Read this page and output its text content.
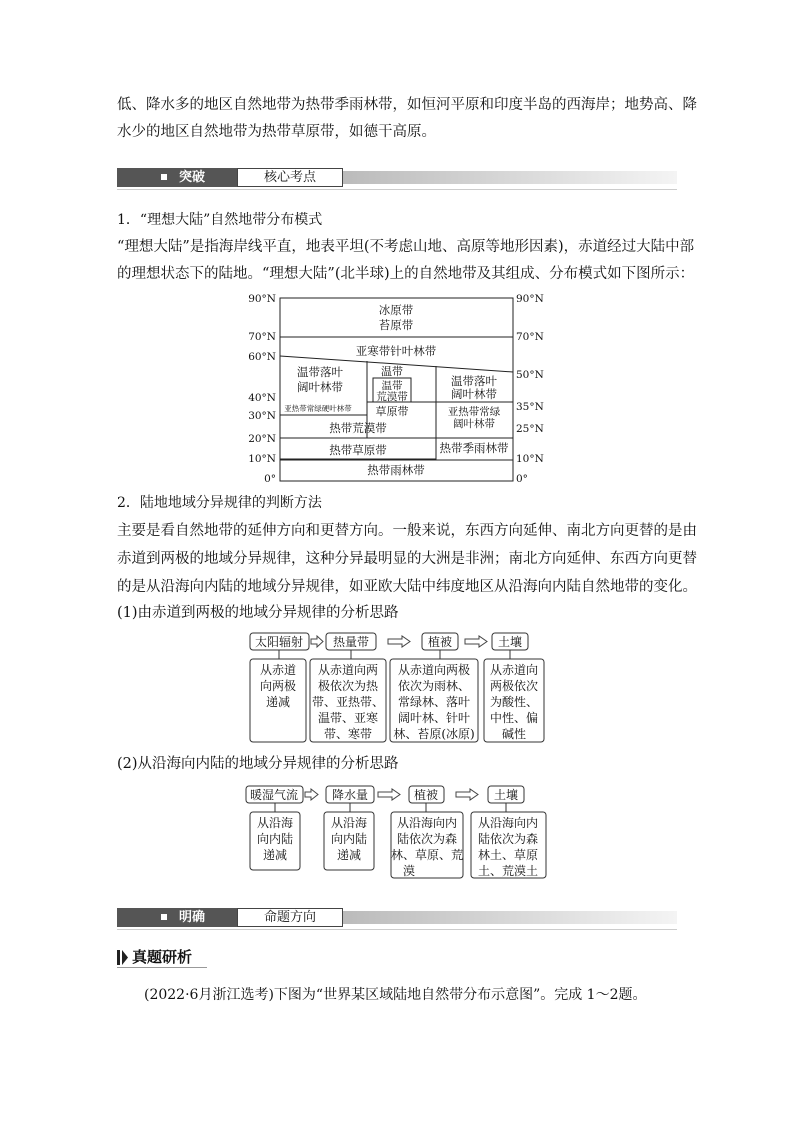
低、降水多的地区自然地带为热带季雨林带，如恒河平原和印度半岛的西海岸；地势高、降
水少的地区自然地带为热带草原带，如德干高原。
突破	核心考点
1．“理想大陆”自然地带分布模式
“理想大陆”是指海岸线平直，地表平坦(不考虑山地、高原等地形因素)，赤道经过大陆中部
的理想状态下的陆地。“理想大陆”(北半球)上的自然地带及其组成、分布模式如下图所示：
90°N
70°N
60°N
40°N
30°N
20°N
10°N
0°
90°N
70°N
50°N
35°N
25°N
10°N
0°
冰原带
苔原带
亚寒带针叶林带
温带落叶
阔叶林带
温带
温带
荒漠带
草原带
温带落叶
阔叶林带
亚热带常绿硬叶林带	亚热带常绿
阔叶林带
热带荒漠带
热带草原带	热带季雨林带
热带雨林带
2．陆地地域分异规律的判断方法
主要是看自然地带的延伸方向和更替方向。一般来说，东西方向延伸、南北方向更替的是由
赤道到两极的地域分异规律，这种分异最明显的大洲是非洲；南北方向延伸、东西方向更替
的是从沿海向内陆的地域分异规律，如亚欧大陆中纬度地区从沿海向内陆自然地带的变化。
(1)由赤道到两极的地域分异规律的分析思路
太阳辐射 热量带	植被	土壤
从赤道
向两极
递减
从赤道向两
极依次为热
带、亚热带、
温带、亚寒
带、寒带
从赤道向两极
依次为雨林、
常绿林、落叶
阔叶林、针叶
林、苔原(冰原)
从赤道向
两极依次
为酸性、
中性、偏
碱性
(2)从沿海向内陆的地域分异规律的分析思路
暖湿气流	降水量	植被	土壤
从沿海
向内陆
递减
从沿海
向内陆
递减
从沿海向内
陆依次为森
林、草原、荒
漠
从沿海向内
陆依次为森
林土、草原
土、荒漠土
明确	命题方向
真题研析
(2022·6月浙江选考)下图为“世界某区域陆地自然带分布示意图”。完成 1～2题。
